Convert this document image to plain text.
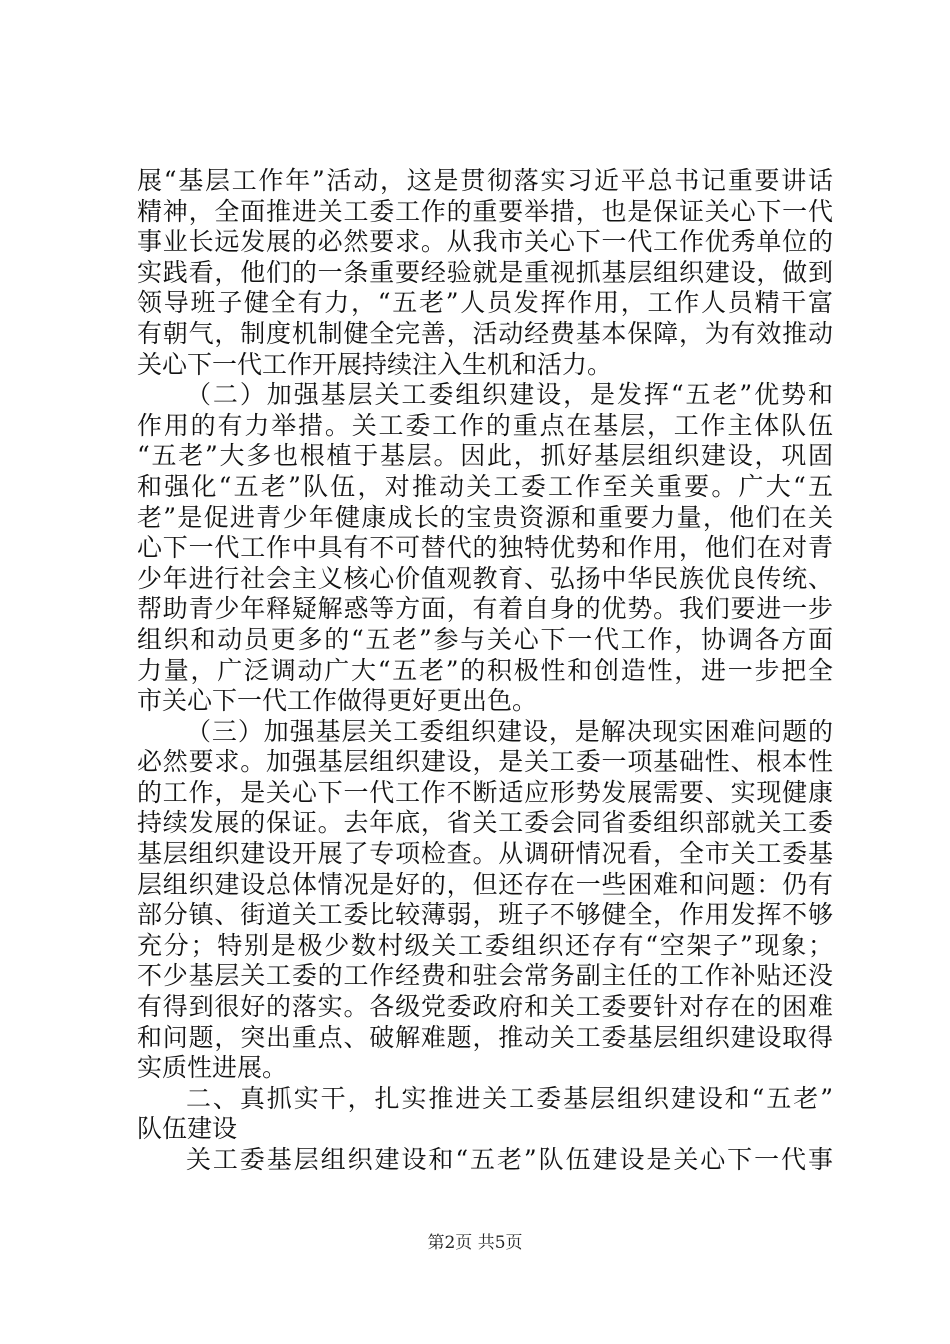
展“基层工作年”活动，这是贯彻落实习近平总书记重要讲话
精神，全面推进关工委工作的重要举措，也是保证关心下一代
事业长远发展的必然要求。从我市关心下一代工作优秀单位的
实践看，他们的一条重要经验就是重视抓基层组织建设，做到
领导班子健全有力，“五老”人员发挥作用，工作人员精干富
有朝气，制度机制健全完善，活动经费基本保障，为有效推动
关心下一代工作开展持续注入生机和活力。
（二）加强基层关工委组织建设，是发挥“五老”优势和
作用的有力举措。关工委工作的重点在基层，工作主体队伍
“五老”大多也根植于基层。因此，抓好基层组织建设，巩固
和强化“五老”队伍，对推动关工委工作至关重要。广大“五
老”是促进青少年健康成长的宝贵资源和重要力量，他们在关
心下一代工作中具有不可替代的独特优势和作用，他们在对青
少年进行社会主义核心价值观教育、弘扬中华民族优良传统、
帮助青少年释疑解惑等方面，有着自身的优势。我们要进一步
组织和动员更多的“五老”参与关心下一代工作，协调各方面
力量，广泛调动广大“五老”的积极性和创造性，进一步把全
市关心下一代工作做得更好更出色。
（三）加强基层关工委组织建设，是解决现实困难问题的
必然要求。加强基层组织建设，是关工委一项基础性、根本性
的工作，是关心下一代工作不断适应形势发展需要、实现健康
持续发展的保证。去年底，省关工委会同省委组织部就关工委
基层组织建设开展了专项检查。从调研情况看，全市关工委基
层组织建设总体情况是好的，但还存在一些困难和问题：仍有
部分镇、街道关工委比较薄弱，班子不够健全，作用发挥不够
充分；特别是极少数村级关工委组织还存有“空架子”现象；
不少基层关工委的工作经费和驻会常务副主任的工作补贴还没
有得到很好的落实。各级党委政府和关工委要针对存在的困难
和问题，突出重点、破解难题，推动关工委基层组织建设取得
实质性进展。
二、真抓实干，扎实推进关工委基层组织建设和“五老”
队伍建设
关工委基层组织建设和“五老”队伍建设是关心下一代事
第2页 共5页
